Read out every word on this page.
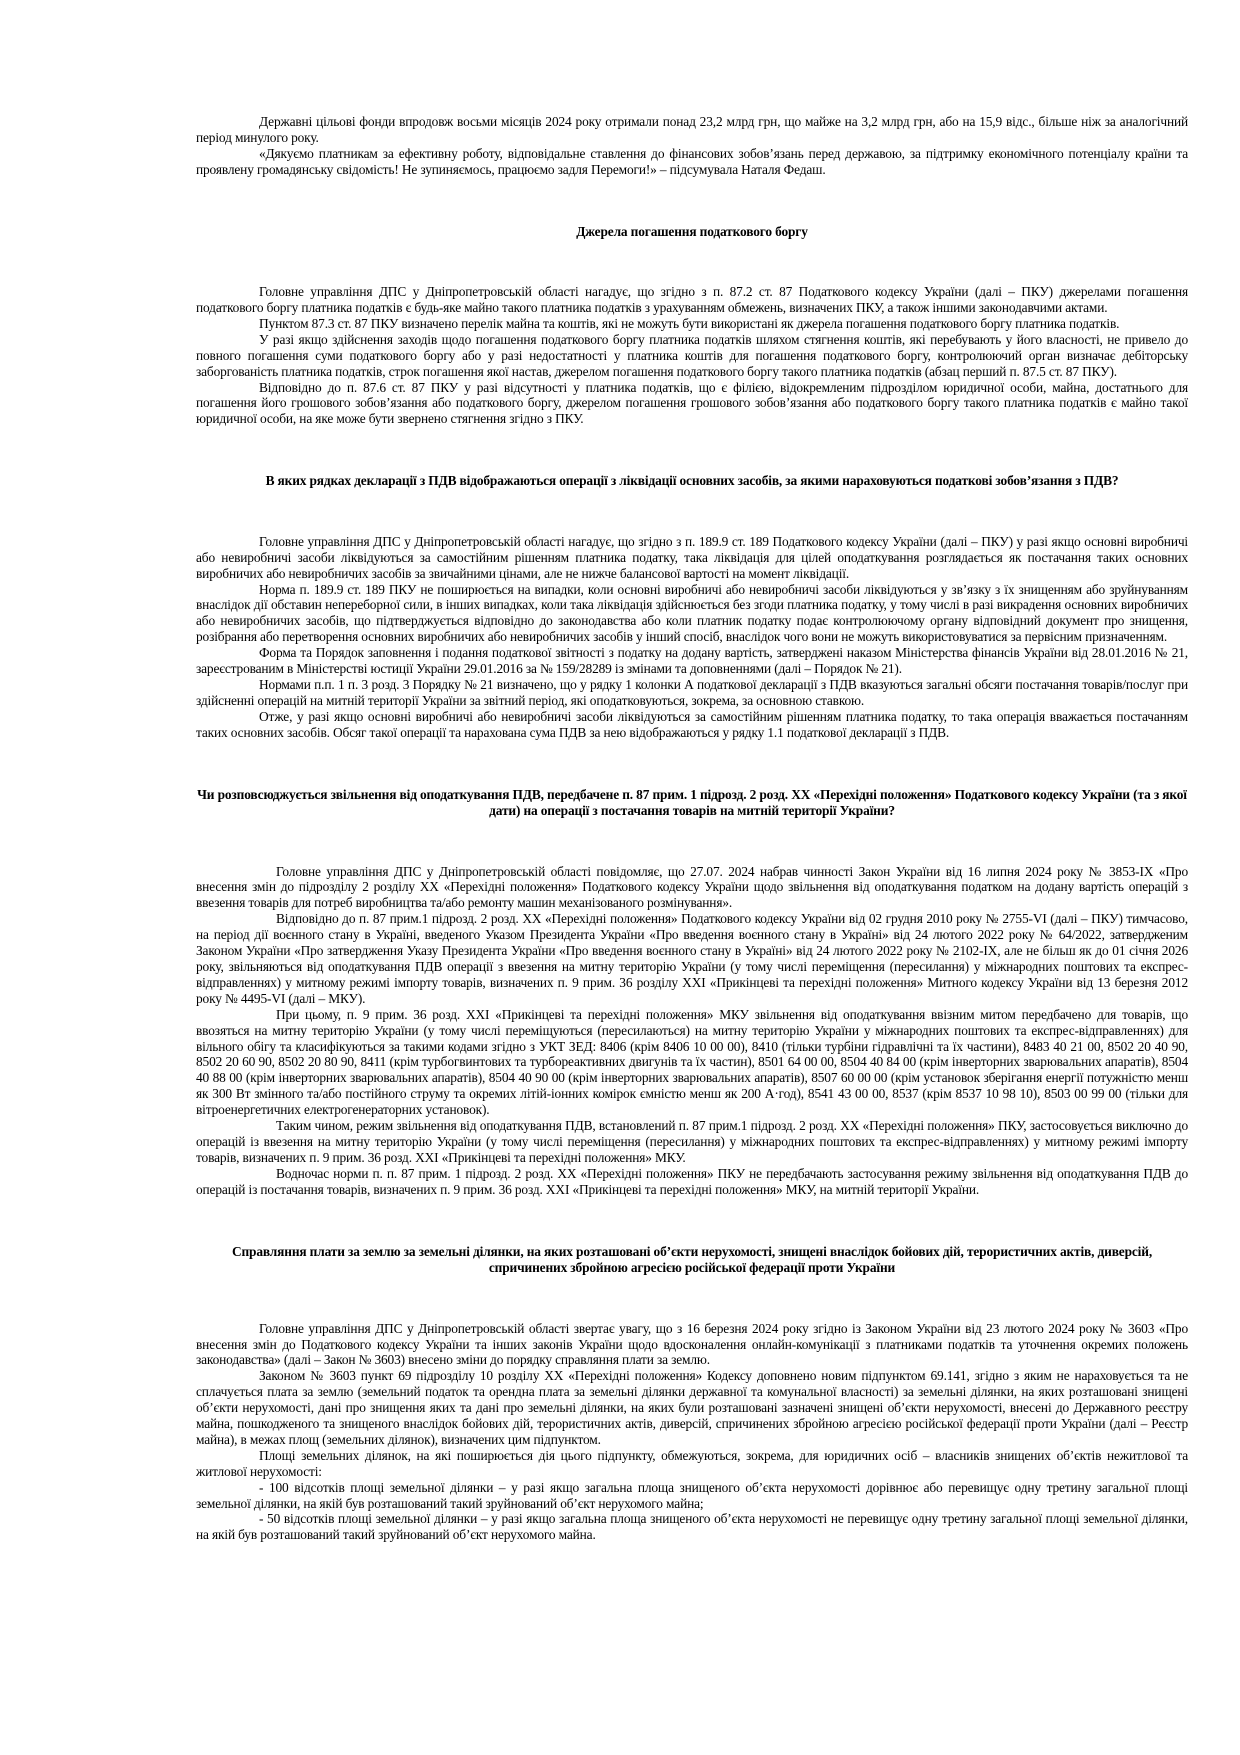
Державні цільові фонди впродовж восьми місяців 2024 року отримали понад 23,2 млрд грн, що майже на 3,2 млрд грн, або на 15,9 відс., більше ніж за аналогічний період минулого року.

«Дякуємо платникам за ефективну роботу, відповідальне ставлення до фінансових зобов’язань перед державою, за підтримку економічного потенціалу країни та проявлену громадянську свідомість! Не зупиняємось, працюємо задля Перемоги!» – підсумувала Наталя Федаш.

Джерела погашення податкового боргу

Головне управління ДПС у Дніпропетровській області нагадує, що згідно з п. 87.2 ст. 87 Податкового кодексу України (далі – ПКУ) джерелами погашення податкового боргу платника податків є будь-яке майно такого платника податків з урахуванням обмежень, визначених ПКУ, а також іншими законодавчими актами.

Пунктом 87.3 ст. 87 ПКУ визначено перелік майна та коштів, які не можуть бути використані як джерела погашення податкового боргу платника податків.

У разі якщо здійснення заходів щодо погашення податкового боргу платника податків шляхом стягнення коштів, які перебувають у його власності, не привело до повного погашення суми податкового боргу або у разі недостатності у платника коштів для погашення податкового боргу, контролюючий орган визначає дебіторську заборгованість платника податків, строк погашення якої настав, джерелом погашення податкового боргу такого платника податків (абзац перший п. 87.5 ст. 87 ПКУ).

Відповідно до п. 87.6 ст. 87 ПКУ у разі відсутності у платника податків, що є філією, відокремленим підрозділом юридичної особи, майна, достатнього для погашення його грошового зобов’язання або податкового боргу, джерелом погашення грошового зобов’язання або податкового боргу такого платника податків є майно такої юридичної особи, на яке може бути звернено стягнення згідно з ПКУ.

В яких рядках декларації з ПДВ відображаються операції з ліквідації основних засобів, за якими нараховуються податкові зобов’язання з ПДВ?

Головне управління ДПС у Дніпропетровській області нагадує, що згідно з п. 189.9 ст. 189 Податкового кодексу України (далі – ПКУ) у разі якщо основні виробничі або невиробничі засоби ліквідуються за самостійним рішенням платника податку, така ліквідація для цілей оподаткування розглядається як постачання таких основних виробничих або невиробничих засобів за звичайними цінами, але не нижче балансової вартості на момент ліквідації.

Норма п. 189.9 ст. 189 ПКУ не поширюється на випадки, коли основні виробничі або невиробничі засоби ліквідуються у зв’язку з їх знищенням або зруйнуванням внаслідок дії обставин непереборної сили, в інших випадках, коли така ліквідація здійснюється без згоди платника податку, у тому числі в разі викрадення основних виробничих або невиробничих засобів, що підтверджується відповідно до законодавства або коли платник податку подає контролюючому органу відповідний документ про знищення, розібрання або перетворення основних виробничих або невиробничих засобів у інший спосіб, внаслідок чого вони не можуть використовуватися за первісним призначенням.

Форма та Порядок заповнення і подання податкової звітності з податку на додану вартість, затверджені наказом Міністерства фінансів України від 28.01.2016 № 21, зареєстрованим в Міністерстві юстиції України 29.01.2016 за № 159/28289 із змінами та доповненнями (далі – Порядок № 21).

Нормами п.п. 1 п. 3 розд. 3 Порядку № 21 визначено, що у рядку 1 колонки А податкової декларації з ПДВ вказуються загальні обсяги постачання товарів/послуг при здійсненні операцій на митній території України за звітний період, які оподатковуються, зокрема, за основною ставкою.

Отже, у разі якщо основні виробничі або невиробничі засоби ліквідуються за самостійним рішенням платника податку, то така операція вважається постачанням таких основних засобів. Обсяг такої операції та нарахована сума ПДВ за нею відображаються у рядку 1.1 податкової декларації з ПДВ.

Чи розповсюджується звільнення від оподаткування ПДВ, передбачене п. 87 прим. 1 підрозд. 2 розд. ХХ «Перехідні положення» Податкового кодексу України (та з якої дати) на операції з постачання товарів на митній території України?

Головне управління ДПС у Дніпропетровській області повідомляє, що 27.07. 2024 набрав чинності Закон України від 16 липня 2024 року № 3853-IX «Про внесення змін до підрозділу 2 розділу ХХ «Перехідні положення» Податкового кодексу України щодо звільнення від оподаткування податком на додану вартість операцій з ввезення товарів для потреб виробництва та/або ремонту машин механізованого розмінування».

Відповідно до п. 87 прим.1 підрозд. 2 розд. ХХ «Перехідні положення» Податкового кодексу України від 02 грудня 2010 року № 2755-VI (далі – ПКУ) тимчасово, на період дії воєнного стану в Україні, введеного Указом Президента України «Про введення воєнного стану в Україні» від 24 лютого 2022 року № 64/2022, затвердженим Законом України «Про затвердження Указу Президента України «Про введення воєнного стану в Україні» від 24 лютого 2022 року № 2102-IX, але не більш як до 01 січня 2026 року, звільняються від оподаткування ПДВ операції з ввезення на митну територію України (у тому числі переміщення (пересилання) у міжнародних поштових та експрес-відправленнях) у митному режимі імпорту товарів, визначених п. 9 прим. 36 розділу ХХІ «Прикінцеві та перехідні положення» Митного кодексу України від 13 березня 2012 року № 4495-VI (далі – МКУ).

При цьому, п. 9 прим. 36 розд. ХХІ «Прикінцеві та перехідні положення» МКУ звільнення від оподаткування ввізним митом передбачено для товарів, що ввозяться на митну територію України (у тому числі переміщуються (пересилаються) на митну територію України у міжнародних поштових та експрес-відправленнях) для вільного обігу та класифікуються за такими кодами згідно з УКТ ЗЕД: 8406 (крім 8406 10 00 00), 8410 (тільки турбіни гідравлічні та їх частини), 8483 40 21 00, 8502 20 40 90, 8502 20 60 90, 8502 20 80 90, 8411 (крім турбогвинтових та турбореактивних двигунів та їх частин), 8501 64 00 00, 8504 40 84 00 (крім інверторних зварювальних апаратів), 8504 40 88 00 (крім інверторних зварювальних апаратів), 8504 40 90 00 (крім інверторних зварювальних апаратів), 8507 60 00 00 (крім установок зберігання енергії потужністю менш як 300 Вт змінного та/або постійного струму та окремих літій-іонних комірок ємністю менш як 200 А·год), 8541 43 00 00, 8537 (крім 8537 10 98 10), 8503 00 99 00 (тільки для вітроенергетичних електрогенераторних установок).

Таким чином, режим звільнення від оподаткування ПДВ, встановлений п. 87 прим.1 підрозд. 2 розд. ХХ «Перехідні положення» ПКУ, застосовується виключно до операцій із ввезення на митну територію України (у тому числі переміщення (пересилання) у міжнародних поштових та експрес-відправленнях) у митному режимі імпорту товарів, визначених п. 9 прим. 36 розд. ХХІ «Прикінцеві та перехідні положення» МКУ.

Водночас норми п. п. 87 прим. 1 підрозд. 2 розд. ХХ «Перехідні положення» ПКУ не передбачають застосування режиму звільнення від оподаткування ПДВ до операцій із постачання товарів, визначених п. 9 прим. 36 розд. ХХІ «Прикінцеві та перехідні положення» МКУ, на митній території України.

Справляння плати за землю за земельні ділянки, на яких розташовані об’єкти нерухомості, знищені внаслідок бойових дій, терористичних актів, диверсій, спричинених збройною агресією російської федерації проти України

Головне управління ДПС у Дніпропетровській області звертає увагу, що з 16 березня 2024 року згідно із Законом України від 23 лютого 2024 року № 3603 «Про внесення змін до Податкового кодексу України та інших законів України щодо вдосконалення онлайн-комунікації з платниками податків та уточнення окремих положень законодавства» (далі – Закон № 3603) внесено зміни до порядку справляння плати за землю.

Законом № 3603 пункт 69 підрозділу 10 розділу ХХ «Перехідні положення» Кодексу доповнено новим підпунктом 69.141, згідно з яким не нараховується та не сплачується плата за землю (земельний податок та орендна плата за земельні ділянки державної та комунальної власності) за земельні ділянки, на яких розташовані знищені об’єкти нерухомості, дані про знищення яких та дані про земельні ділянки, на яких були розташовані зазначені знищені об’єкти нерухомості, внесені до Державного реєстру майна, пошкодженого та знищеного внаслідок бойових дій, терористичних актів, диверсій, спричинених збройною агресією російської федерації проти України (далі – Реєстр майна), в межах площ (земельних ділянок), визначених цим підпунктом.

Площі земельних ділянок, на які поширюється дія цього підпункту, обмежуються, зокрема, для юридичних осіб – власників знищених об’єктів нежитлової та житлової нерухомості:

- 100 відсотків площі земельної ділянки – у разі якщо загальна площа знищеного об’єкта нерухомості дорівнює або перевищує одну третину загальної площі земельної ділянки, на якій був розташований такий зруйнований об’єкт нерухомого майна;

- 50 відсотків площі земельної ділянки – у разі якщо загальна площа знищеного об’єкта нерухомості не перевищує одну третину загальної площі земельної ділянки, на якій був розташований такий зруйнований об’єкт нерухомого майна.
